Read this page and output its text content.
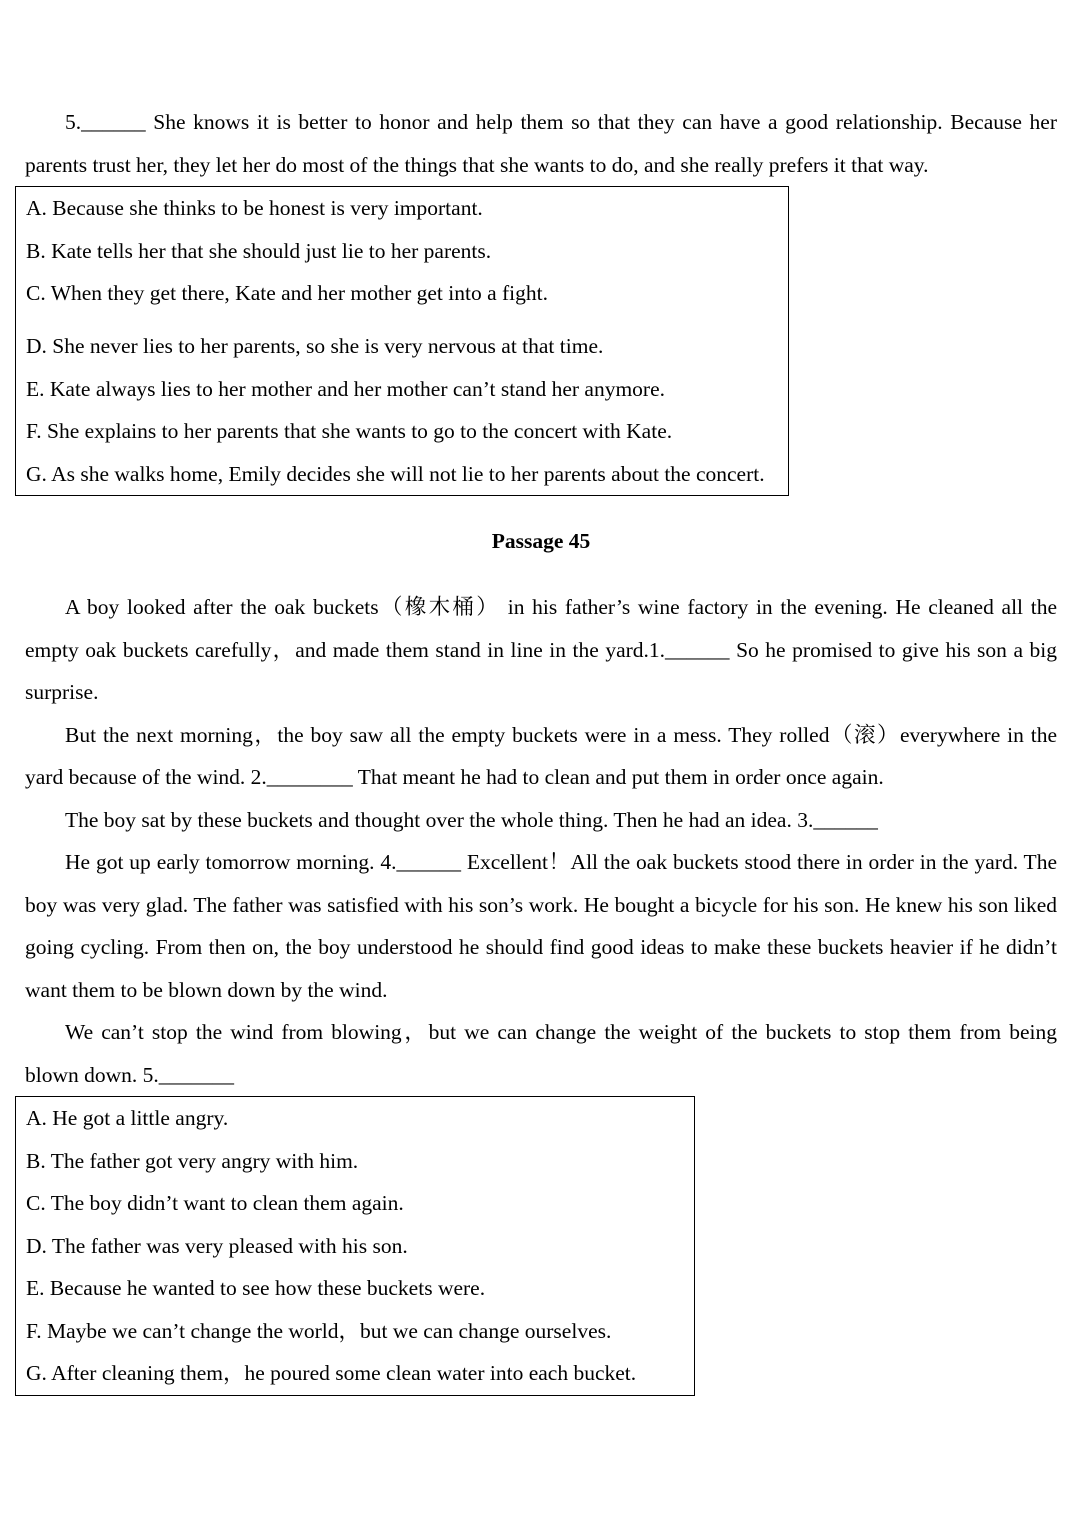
5.______ She knows it is better to honor and help them so that they can have a good relationship. Because her parents trust her, they let her do most of the things that she wants to do, and she really prefers it that way.

A. Because she thinks to be honest is very important.
B. Kate tells her that she should just lie to her parents.
C. When they get there, Kate and her mother get into a fight.
D. She never lies to her parents, so she is very nervous at that time.
E. Kate always lies to her mother and her mother can’t stand her anymore.
F. She explains to her parents that she wants to go to the concert with Kate.
G. As she walks home, Emily decides she will not lie to her parents about the concert.
Passage 45

A boy looked after the oak buckets（橡木桶） in his father’s wine factory in the evening. He cleaned all the empty oak buckets carefully，and made them stand in line in the yard.1.______ So he promised to give his son a big surprise.

But the next morning，the boy saw all the empty buckets were in a mess. They rolled（滚）everywhere in the yard because of the wind. 2.________ That meant he had to clean and put them in order once again.

The boy sat by these buckets and thought over the whole thing. Then he had an idea. 3.______

He got up early tomorrow morning. 4.______ Excellent！All the oak buckets stood there in order in the yard. The boy was very glad. The father was satisfied with his son’s work. He bought a bicycle for his son. He knew his son liked going cycling. From then on, the boy understood he should find good ideas to make these buckets heavier if he didn’t want them to be blown down by the wind.

We can’t stop the wind from blowing，but we can change the weight of the buckets to stop them from being blown down. 5._______

A. He got a little angry.
B. The father got very angry with him.
C. The boy didn’t want to clean them again.
D. The father was very pleased with his son.
E. Because he wanted to see how these buckets were.
F. Maybe we can’t change the world，but we can change ourselves.
G. After cleaning them，he poured some clean water into each bucket.
